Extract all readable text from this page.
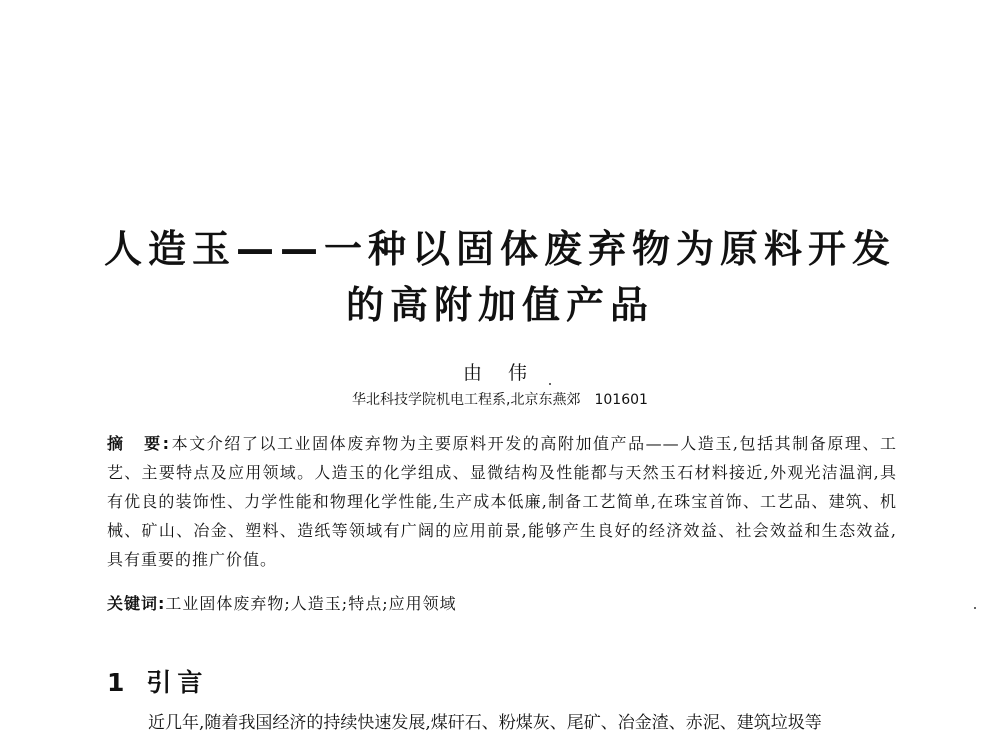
人造玉——一种以固体废弃物为原料开发
的高附加值产品
由 伟
华北科技学院机电工程系,北京东燕郊　101601
摘　要:本文介绍了以工业固体废弃物为主要原料开发的高附加值产品——人造玉,包括其制备原理、工艺、主要特点及应用领域。人造玉的化学组成、显微结构及性能都与天然玉石材料接近,外观光洁温润,具有优良的装饰性、力学性能和物理化学性能,生产成本低廉,制备工艺简单,在珠宝首饰、工艺品、建筑、机械、矿山、冶金、塑料、造纸等领域有广阔的应用前景,能够产生良好的经济效益、社会效益和生态效益,具有重要的推广价值。
关键词:工业固体废弃物;人造玉;特点;应用领域
1 引言
近几年,随着我国经济的持续快速发展,煤矸石、粉煤灰、尾矿、冶金渣、赤泥、建筑垃圾等
